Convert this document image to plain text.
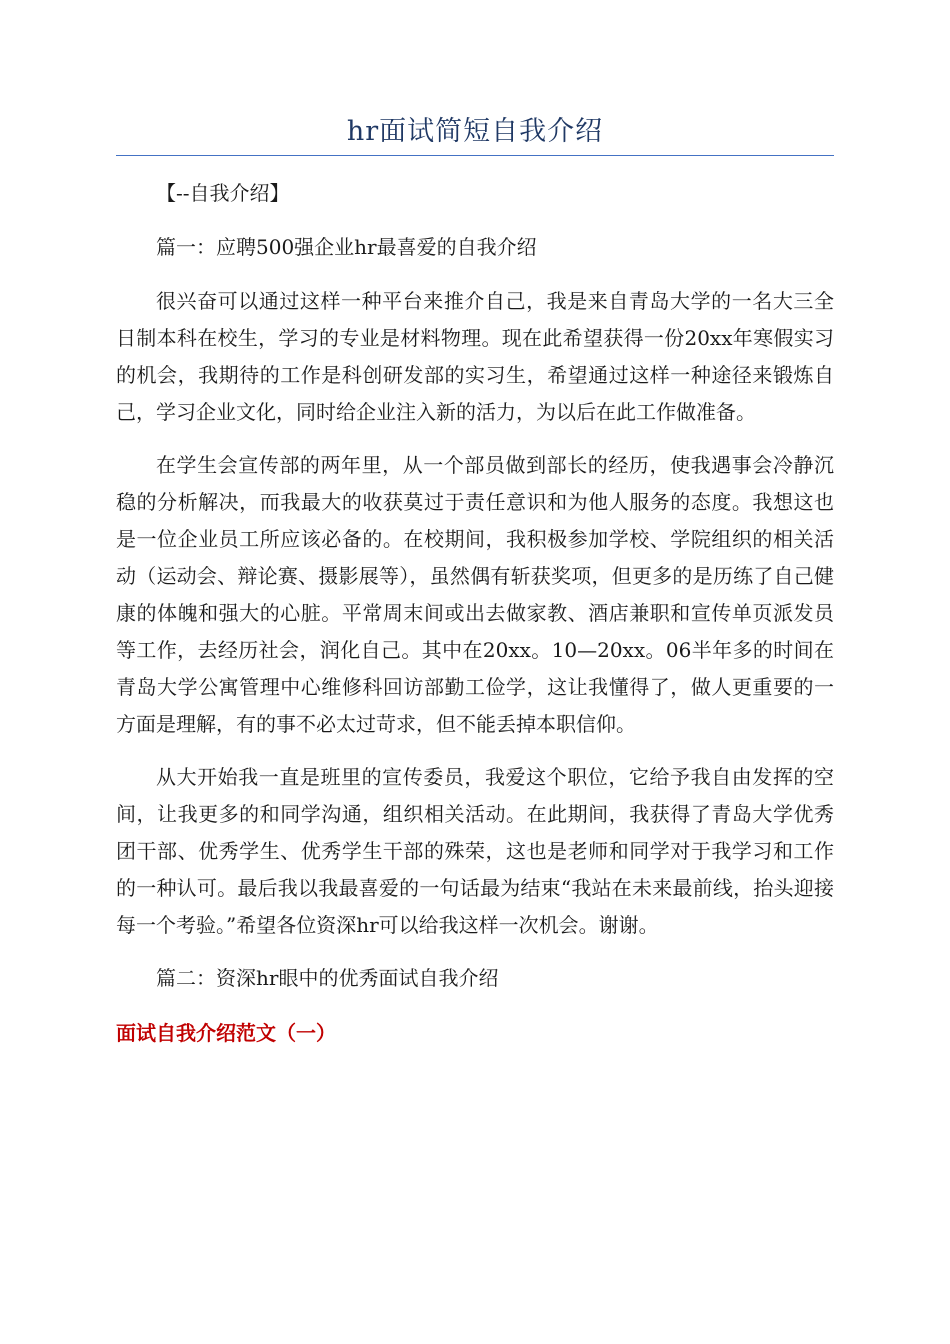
hr面试简短自我介绍

【--自我介绍】

篇一：应聘500强企业hr最喜爱的自我介绍

很兴奋可以通过这样一种平台来推介自己，我是来自青岛大学的一名大三全日制本科在校生，学习的专业是材料物理。现在此希望获得一份20xx年寒假实习的机会，我期待的工作是科创研发部的实习生，希望通过这样一种途径来锻炼自己，学习企业文化，同时给企业注入新的活力，为以后在此工作做准备。

在学生会宣传部的两年里，从一个部员做到部长的经历，使我遇事会冷静沉稳的分析解决，而我最大的收获莫过于责任意识和为他人服务的态度。我想这也是一位企业员工所应该必备的。在校期间，我积极参加学校、学院组织的相关活动（运动会、辩论赛、摄影展等），虽然偶有斩获奖项，但更多的是历练了自己健康的体魄和强大的心脏。平常周末间或出去做家教、酒店兼职和宣传单页派发员等工作，去经历社会，润化自己。其中在20xx。10—20xx。06半年多的时间在青岛大学公寓管理中心维修科回访部勤工俭学，这让我懂得了，做人更重要的一方面是理解，有的事不必太过苛求，但不能丢掉本职信仰。

从大开始我一直是班里的宣传委员，我爱这个职位，它给予我自由发挥的空间，让我更多的和同学沟通，组织相关活动。在此期间，我获得了青岛大学优秀团干部、优秀学生、优秀学生干部的殊荣，这也是老师和同学对于我学习和工作的一种认可。最后我以我最喜爱的一句话最为结束“我站在未来最前线，抬头迎接每一个考验。”希望各位资深hr可以给我这样一次机会。谢谢。

篇二：资深hr眼中的优秀面试自我介绍

面试自我介绍范文（一）
